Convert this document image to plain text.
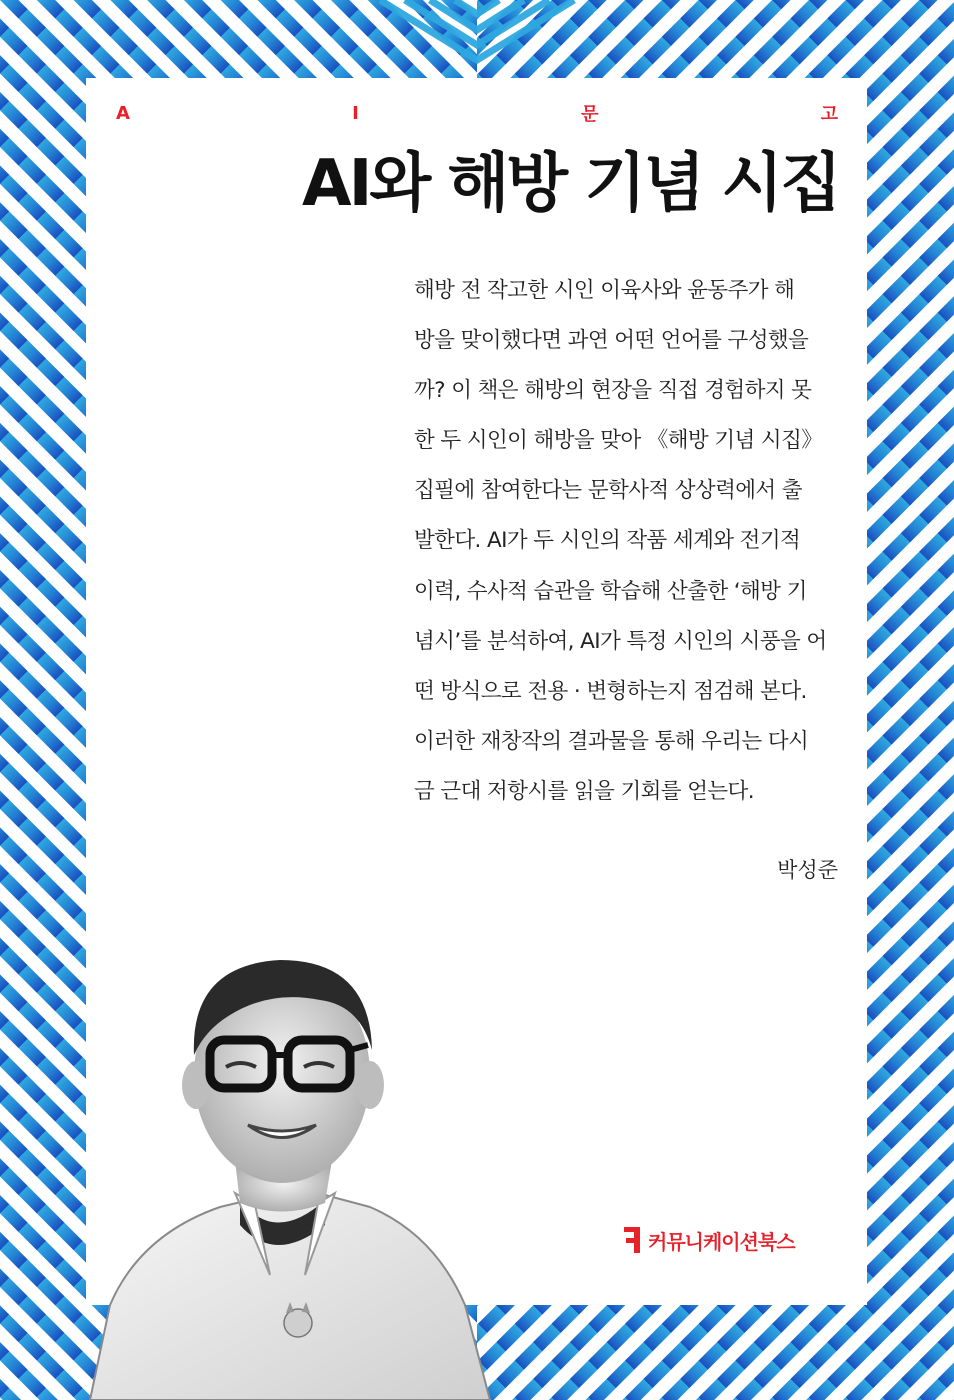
A	I	문	고
AI와 해방 기념 시집

해방 전 작고한 시인 이육사와 윤동주가 해

방을 맞이했다면 과연 어떤 언어를 구성했을

까? 이 책은 해방의 현장을 직접 경험하지 못

한 두 시인이 해방을 맞아 《해방 기념 시집》

집필에 참여한다는 문학사적 상상력에서 출

발한다. AI가 두 시인의 작품 세계와 전기적

이력, 수사적 습관을 학습해 산출한 ‘해방 기

념시’를 분석하여, AI가 특정 시인의 시풍을 어

떤 방식으로 전용 · 변형하는지 점검해 본다.

이러한 재창작의 결과물을 통해 우리는 다시

금 근대 저항시를 읽을 기회를 얻는다.

박성준
커뮤니케이션북스
